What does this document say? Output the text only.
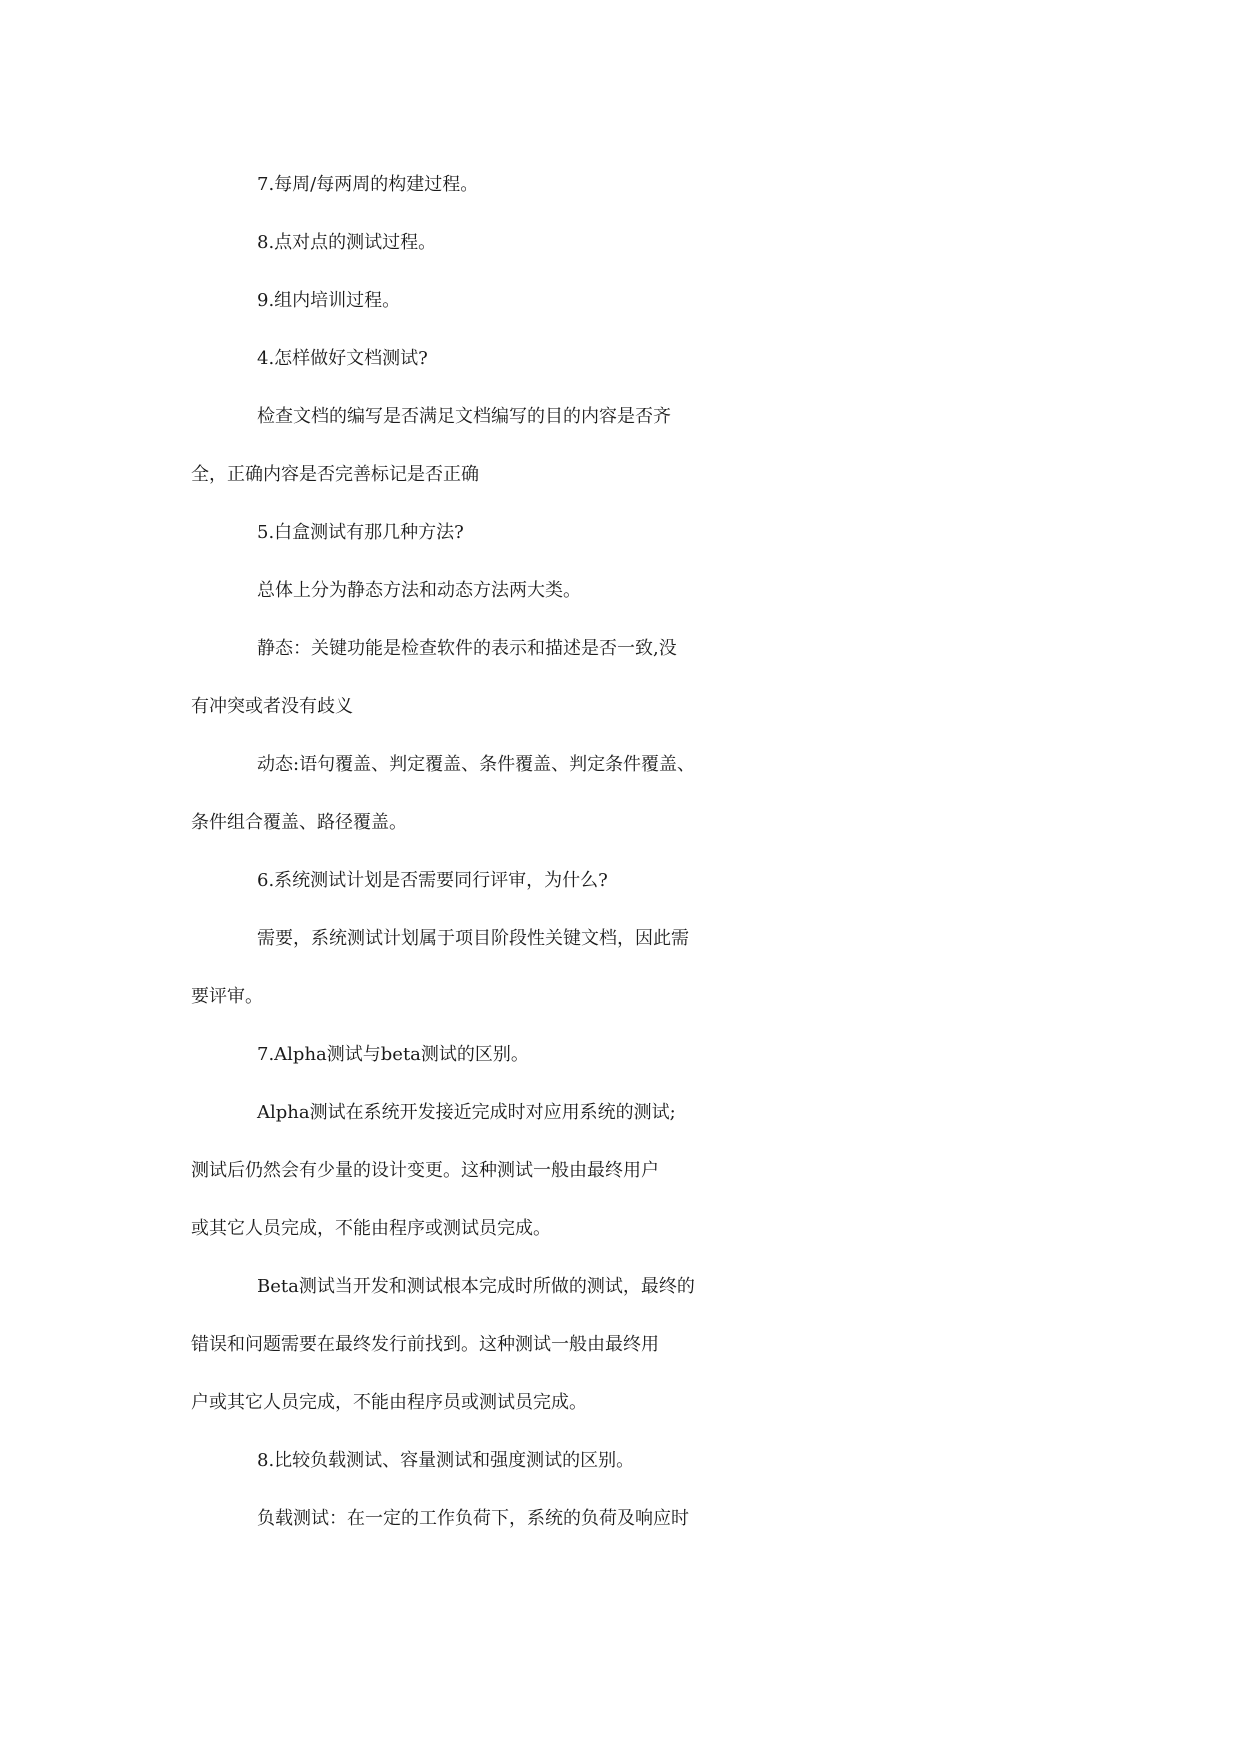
7.每周/每两周的构建过程。
8.点对点的测试过程。
9.组内培训过程。
4.怎样做好文档测试?
检查文档的编写是否满足文档编写的目的内容是否齐
全，正确内容是否完善标记是否正确
5.白盒测试有那几种方法?
总体上分为静态方法和动态方法两大类。
静态：关键功能是检查软件的表示和描述是否一致,没
有冲突或者没有歧义
动态:语句覆盖、判定覆盖、条件覆盖、判定条件覆盖、
条件组合覆盖、路径覆盖。
6.系统测试计划是否需要同行评审，为什么?
需要，系统测试计划属于项目阶段性关键文档，因此需
要评审。
7.Alpha测试与beta测试的区别。
Alpha测试在系统开发接近完成时对应用系统的测试;
测试后仍然会有少量的设计变更。这种测试一般由最终用户
或其它人员完成，不能由程序或测试员完成。
Beta测试当开发和测试根本完成时所做的测试，最终的
错误和问题需要在最终发行前找到。这种测试一般由最终用
户或其它人员完成，不能由程序员或测试员完成。
8.比较负载测试、容量测试和强度测试的区别。
负载测试：在一定的工作负荷下，系统的负荷及响应时
